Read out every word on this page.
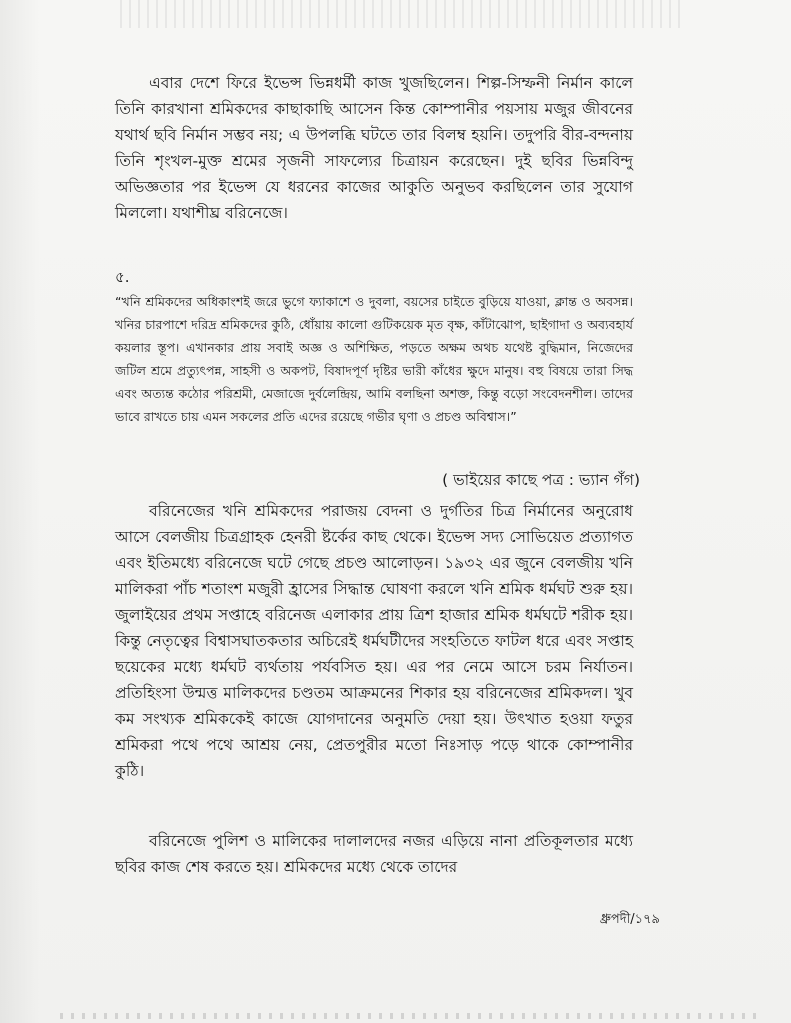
এবার দেশে ফিরে ইভেন্স ভিন্নধর্মী কাজ খুজছিলেন। শিল্প-সিম্ফনী নির্মান কালে তিনি কারখানা শ্রমিকদের কাছাকাছি আসেন কিন্ত কোম্পানীর পয়সায় মজুর জীবনের যথার্থ ছবি নির্মান সম্ভব নয়; এ উপলব্ধি ঘটতে তার বিলম্ব হয়নি। তদুপরি বীর-বন্দনায় তিনি শৃংখল-মুক্ত শ্রমের সৃজনী সাফল্যের চিত্রায়ন করেছেন। দুই ছবির ভিন্নবিন্দু অভিজ্ঞতার পর ইভেন্স যে ধরনের কাজের আকুতি অনুভব করছিলেন তার সুযোগ মিললো। যথাশীঘ্র বরিনেজে।

৫.

“খনি শ্রমিকদের অধিকাংশই জরে ভুগে ফ্যাকাশে ও দুবলা, বয়সের চাইতে বুড়িয়ে যাওয়া, ক্লান্ত ও অবসন্ন। খনির চারপাশে দরিদ্র শ্রমিকদের কুঠি, ধোঁয়ায় কালো গুটিকয়েক মৃত বৃক্ষ, কাঁটাঝোপ, ছাইগাদা ও অব্যবহার্য কয়লার স্তূপ। এখানকার প্রায় সবাই অজ্ঞ ও অশিক্ষিত, পড়তে অক্ষম অথচ যথেষ্ট বুদ্ধিমান, নিজেদের জটিল শ্রমে প্রত্যুৎপন্ন, সাহসী ও অকপট, বিষাদপূর্ণ দৃষ্টির ভারী কাঁধের ক্ষুদে মানুষ। বহু বিষয়ে তারা সিদ্ধ এবং অত্যন্ত কঠোর পরিশ্রমী, মেজাজে দুর্বলেন্দ্রিয়, আমি বলছিনা অশক্ত, কিন্তু বড়ো সংবেদনশীল। তাদের ভাবে রাখতে চায় এমন সকলের প্রতি এদের রয়েছে গভীর ঘৃণা ও প্রচণ্ড অবিশ্বাস।”

( ভাইয়ের কাছে পত্র : ভ্যান গঁগ)

বরিনেজের খনি শ্রমিকদের পরাজয় বেদনা ও দুর্গতির চিত্র নির্মানের অনুরোধ আসে বেলজীয় চিত্রগ্রাহক হেনরী ষ্টর্কের কাছ থেকে। ইভেন্স সদ্য সোভিয়েত প্রত্যাগত এবং ইতিমধ্যে বরিনেজে ঘটে গেছে প্রচণ্ড আলোড়ন। ১৯৩২ এর জুনে বেলজীয় খনি মালিকরা পাঁচ শতাংশ মজুরী হ্রাসের সিদ্ধান্ত ঘোষণা করলে খনি শ্রমিক ধর্মঘট শুরু হয়। জুলাইয়ের প্রথম সপ্তাহে বরিনেজ এলাকার প্রায় ত্রিশ হাজার শ্রমিক ধর্মঘটে শরীক হয়। কিন্তু নেতৃত্বের বিশ্বাসঘাতকতার অচিরেই ধর্মঘটীদের সংহতিতে ফাটল ধরে এবং সপ্তাহ ছয়েকের মধ্যে ধর্মঘট ব্যর্থতায় পর্যবসিত হয়। এর পর নেমে আসে চরম নির্যাতন। প্রতিহিংসা উন্মত্ত মালিকদের চণ্ডতম আক্রমনের শিকার হয় বরিনেজের শ্রমিকদল। খুব কম সংখ্যক শ্রমিককেই কাজে যোগদানের অনুমতি দেয়া হয়। উৎখাত হওয়া ফতুর শ্রমিকরা পথে পথে আশ্রয় নেয়, প্রেতপুরীর মতো নিঃসাড় পড়ে থাকে কোম্পানীর কুঠি।

বরিনেজে পুলিশ ও মালিকের দালালদের নজর এড়িয়ে নানা প্রতিকূলতার মধ্যে ছবির কাজ শেষ করতে হয়। শ্রমিকদের মধ্যে থেকে তাদের

ধ্রুপদী/১৭৯
